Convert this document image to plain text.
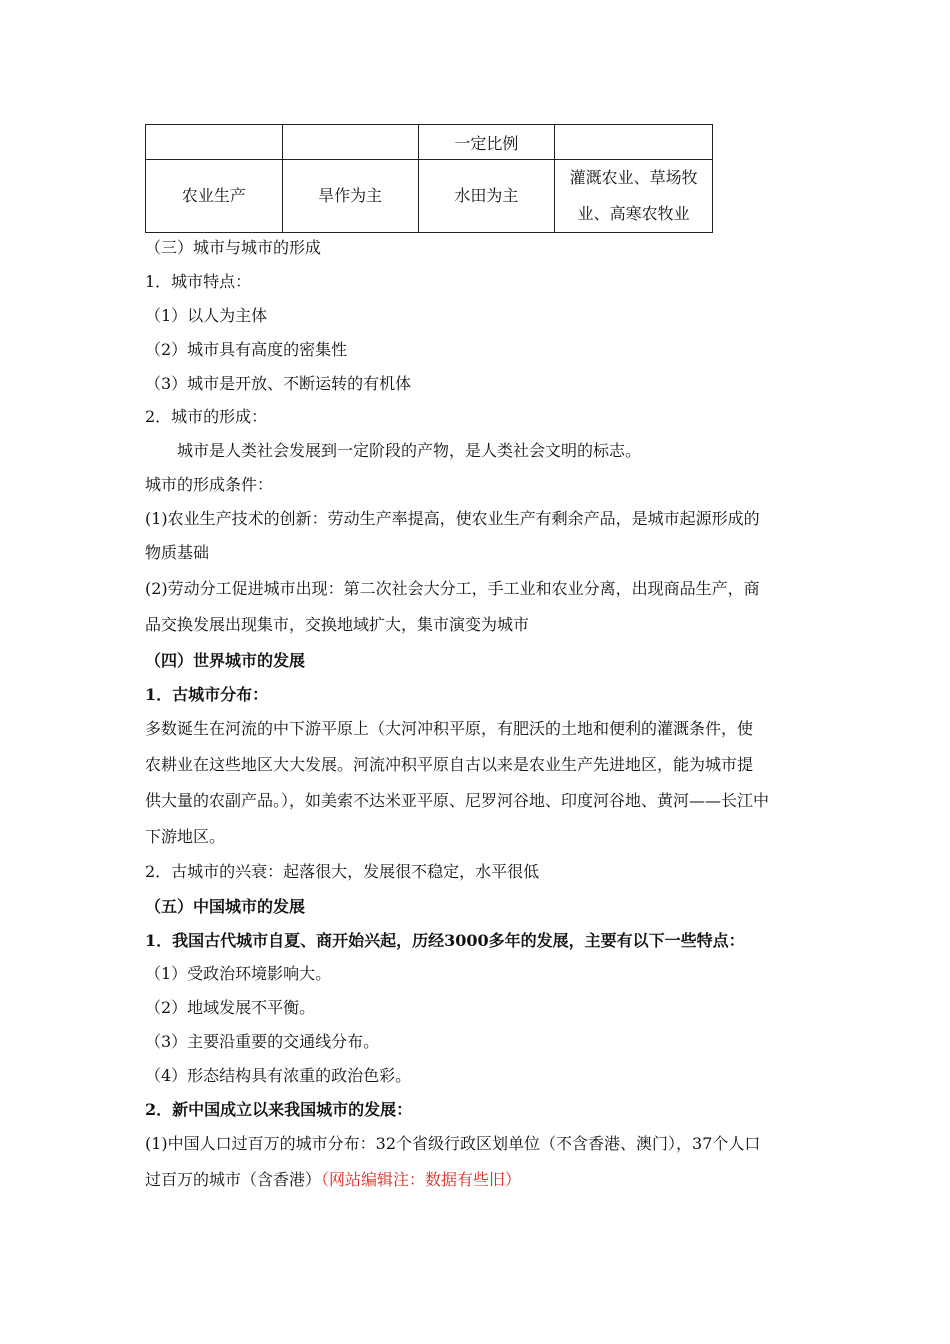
		一定比例	
农业生产	旱作为主	水田为主	灌溉农业、草场牧业、高寒农牧业
（三）城市与城市的形成
1．城市特点：
（1）以人为主体
（2）城市具有高度的密集性
（3）城市是开放、不断运转的有机体
2．城市的形成：
城市是人类社会发展到一定阶段的产物，是人类社会文明的标志。
城市的形成条件：
(1)农业生产技术的创新：劳动生产率提高，使农业生产有剩余产品，是城市起源形成的
物质基础
(2)劳动分工促进城市出现：第二次社会大分工，手工业和农业分离，出现商品生产，商
品交换发展出现集市，交换地域扩大，集市演变为城市
（四）世界城市的发展
1．古城市分布：
多数诞生在河流的中下游平原上（大河冲积平原，有肥沃的土地和便利的灌溉条件，使
农耕业在这些地区大大发展。河流冲积平原自古以来是农业生产先进地区，能为城市提
供大量的农副产品。），如美索不达米亚平原、尼罗河谷地、印度河谷地、黄河——长江中
下游地区。
2．古城市的兴衰：起落很大，发展很不稳定，水平很低
（五）中国城市的发展
1．我国古代城市自夏、商开始兴起，历经3000多年的发展，主要有以下一些特点：
（1）受政治环境影响大。
（2）地域发展不平衡。
（3）主要沿重要的交通线分布。
（4）形态结构具有浓重的政治色彩。
2．新中国成立以来我国城市的发展：
(1)中国人口过百万的城市分布：32个省级行政区划单位（不含香港、澳门），37个人口
过百万的城市（含香港）（网站编辑注：数据有些旧）
